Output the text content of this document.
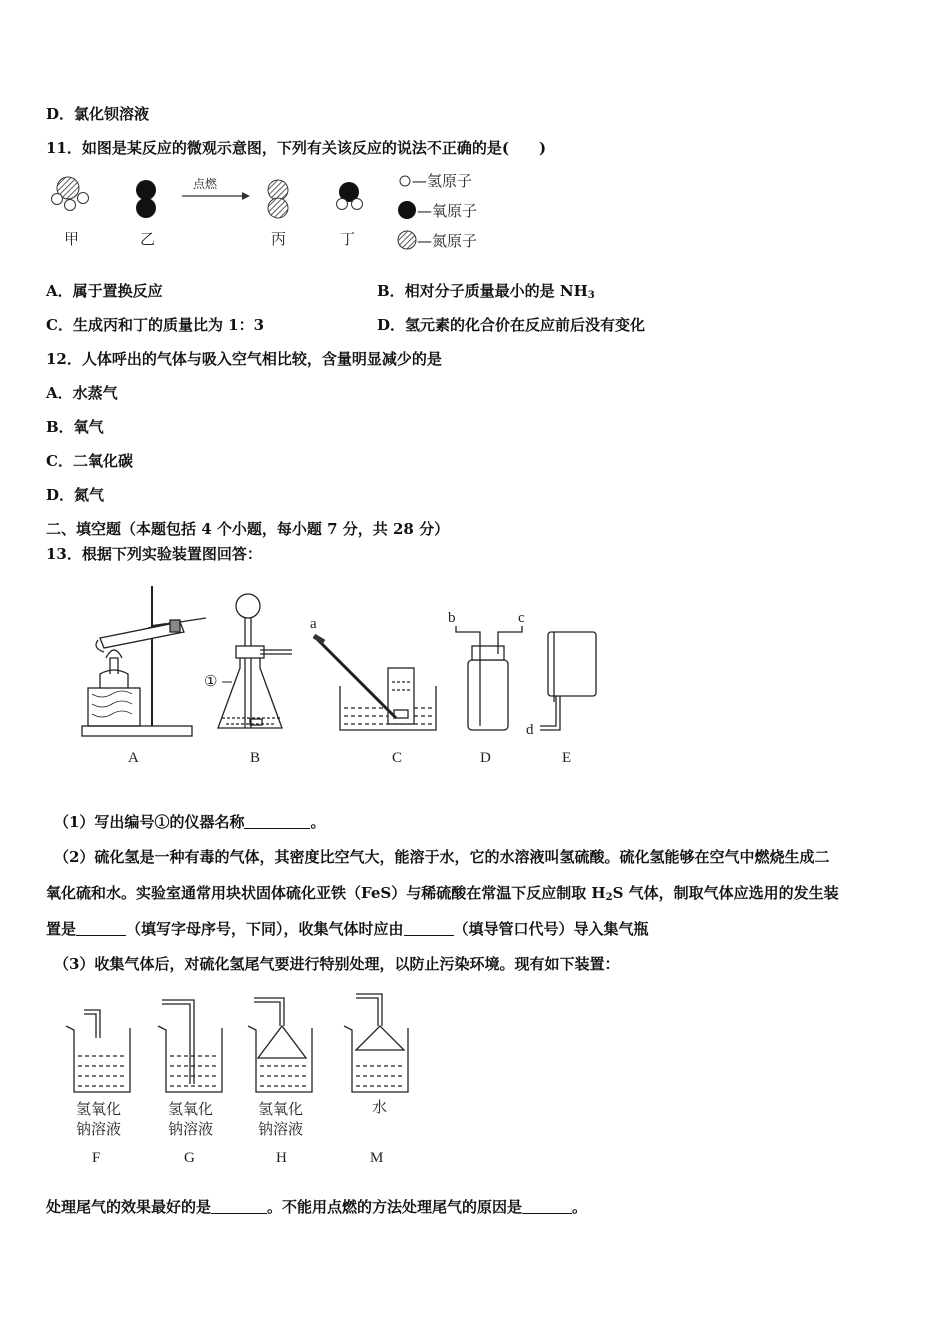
D．氯化钡溶液
11．如图是某反应的微观示意图，下列有关该反应的说法不正确的是(　　)
点燃
甲	乙	丙	丁
—氢原子
—氧原子
—氮原子
A．属于置换反应	B．相对分子质量最小的是 $NH_3$
C．生成丙和丁的质量比为 1：3	D．氢元素的化合价在反应前后没有变化
12．人体呼出的气体与吸入空气相比较，含量明显减少的是
A．水蒸气
B．氧气
C．二氧化碳
D．氮气
二、填空题（本题包括 4 个小题，每小题 7 分，共 28 分）
13．根据下列实验装置图回答：
A
①
B
a
C
b	c
D
d
E
（1）写出编号①的仪器名称	。
（2）硫化氢是一种有毒的气体，其密度比空气大，能溶于水，它的水溶液叫氢硫酸。硫化氢能够在空气中燃烧生成二
氧化硫和水。实验室通常用块状固体硫化亚铁（FeS）与稀硫酸在常温下反应制取 $H_2S$ 气体，制取气体应选用的发生装
置是	（填写字母序号，下同），收集气体时应由	（填导管口代号）导入集气瓶
（3）收集气体后，对硫化氢尾气要进行特别处理，以防止污染环境。现有如下装置：
氢氧化
钠溶液
氢氧化
钠溶液
氢氧化
钠溶液
水
F	G	H	M
处理尾气的效果最好的是	。不能用点燃的方法处理尾气的原因是	。
